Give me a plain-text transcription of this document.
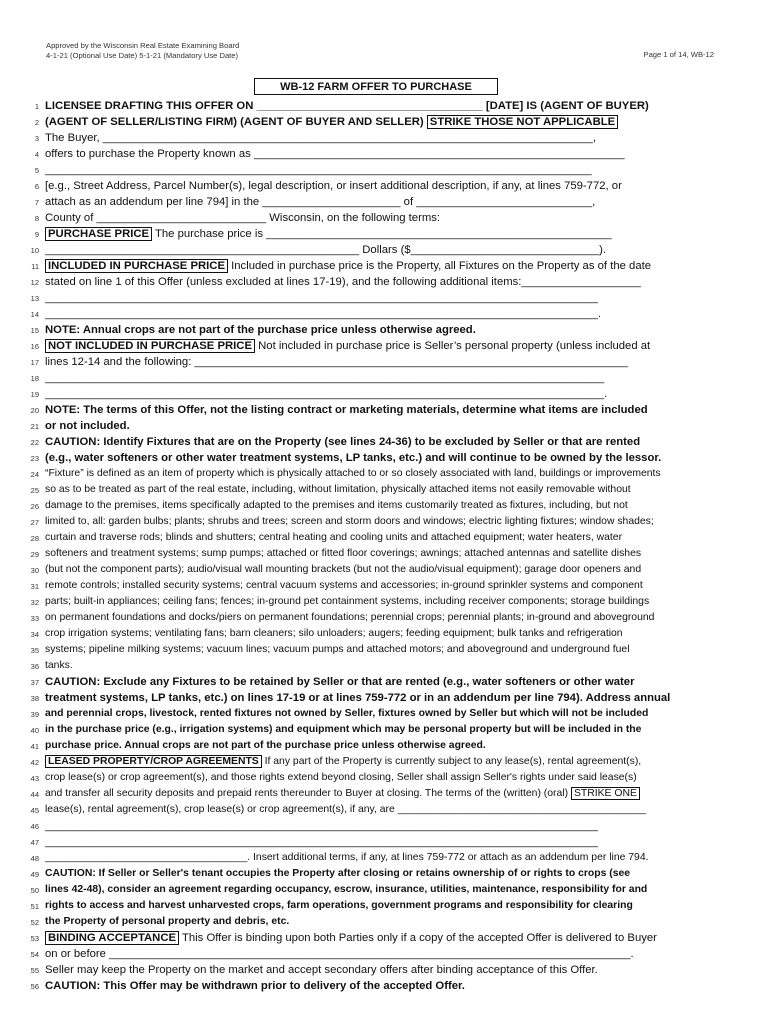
Approved by the Wisconsin Real Estate Examining Board
4-1-21 (Optional Use Date) 5-1-21 (Mandatory Use Date)	Page 1 of 14, WB-12
WB-12 FARM OFFER TO PURCHASE
1 LICENSEE DRAFTING THIS OFFER ON ____________________________________ [DATE] IS (AGENT OF BUYER)
2 (AGENT OF SELLER/LISTING FIRM) (AGENT OF BUYER AND SELLER) STRIKE THOSE NOT APPLICABLE
3 The Buyer, ______________________________________________________________________________,
4 offers to purchase the Property known as ___________________________________________________________
5 _______________________________________________________________________________________
6 [e.g., Street Address, Parcel Number(s), legal description, or insert additional description, if any, at lines 759-772, or
7 attach as an addendum per line 794] in the ______________________ of ____________________________,
8 County of ___________________________ Wisconsin, on the following terms:
9 PURCHASE PRICE The purchase price is _______________________________________________________
10 __________________________________________________ Dollars ($______________________________).
11 INCLUDED IN PURCHASE PRICE Included in purchase price is the Property, all Fixtures on the Property as of the date
12 stated on line 1 of this Offer (unless excluded at lines 17-19), and the following additional items:___________________
13 ________________________________________________________________________________________
14 ________________________________________________________________________________________.
15 NOTE: Annual crops are not part of the purchase price unless otherwise agreed.
16 NOT INCLUDED IN PURCHASE PRICE Not included in purchase price is Seller’s personal property (unless included at
17 lines 12-14 and the following: _____________________________________________________________________
18 _________________________________________________________________________________________
19 _________________________________________________________________________________________.
20 NOTE: The terms of this Offer, not the listing contract or marketing materials, determine what items are included
21 or not included.
22 CAUTION: Identify Fixtures that are on the Property (see lines 24-36) to be excluded by Seller or that are rented
23 (e.g., water softeners or other water treatment systems, LP tanks, etc.) and will continue to be owned by the lessor.
24 “Fixture” is defined as an item of property which is physically attached to or so closely associated with land, buildings or improvements
25 so as to be treated as part of the real estate, including, without limitation, physically attached items not easily removable without
26 damage to the premises, items specifically adapted to the premises and items customarily treated as fixtures, including, but not
27 limited to, all: garden bulbs; plants; shrubs and trees; screen and storm doors and windows; electric lighting fixtures; window shades;
28 curtain and traverse rods; blinds and shutters; central heating and cooling units and attached equipment; water heaters, water
29 softeners and treatment systems; sump pumps; attached or fitted floor coverings; awnings; attached antennas and satellite dishes
30 (but not the component parts); audio/visual wall mounting brackets (but not the audio/visual equipment); garage door openers and
31 remote controls; installed security systems; central vacuum systems and accessories; in-ground sprinkler systems and component
32 parts; built-in appliances; ceiling fans; fences; in-ground pet containment systems, including receiver components; storage buildings
33 on permanent foundations and docks/piers on permanent foundations; perennial crops; perennial plants; in-ground and aboveground
34 crop irrigation systems; ventilating fans; barn cleaners; silo unloaders; augers; feeding equipment; bulk tanks and refrigeration
35 systems; pipeline milking systems; vacuum lines; vacuum pumps and attached motors; and aboveground and underground fuel
36 tanks.
37 CAUTION: Exclude any Fixtures to be retained by Seller or that are rented (e.g., water softeners or other water
38 treatment systems, LP tanks, etc.) on lines 17-19 or at lines 759-772 or in an addendum per line 794). Address annual
39 and perennial crops, livestock, rented fixtures not owned by Seller, fixtures owned by Seller but which will not be included
40 in the purchase price (e.g., irrigation systems) and equipment which may be personal property but will be included in the
41 purchase price. Annual crops are not part of the purchase price unless otherwise agreed.
42 LEASED PROPERTY/CROP AGREEMENTS If any part of the Property is currently subject to any lease(s), rental agreement(s),
43 crop lease(s) or crop agreement(s), and those rights extend beyond closing, Seller shall assign Seller's rights under said lease(s)
44 and transfer all security deposits and prepaid rents thereunder to Buyer at closing. The terms of the (written) (oral) STRIKE ONE
45 lease(s), rental agreement(s), crop lease(s) or crop agreement(s), if any, are ___________________________________________
46 ________________________________________________________________________________________
47 ________________________________________________________________________________________
48 ___________________________________. Insert additional terms, if any, at lines 759-772 or attach as an addendum per line 794.
49 CAUTION: If Seller or Seller's tenant occupies the Property after closing or retains ownership of or rights to crops (see
50 lines 42-48), consider an agreement regarding occupancy, escrow, insurance, utilities, maintenance, responsibility for and
51 rights to access and harvest unharvested crops, farm operations, government programs and responsibility for clearing
52 the Property of personal property and debris, etc.
53 BINDING ACCEPTANCE This Offer is binding upon both Parties only if a copy of the accepted Offer is delivered to Buyer
54 on or before ___________________________________________________________________________________.
55 Seller may keep the Property on the market and accept secondary offers after binding acceptance of this Offer.
56 CAUTION: This Offer may be withdrawn prior to delivery of the accepted Offer.
